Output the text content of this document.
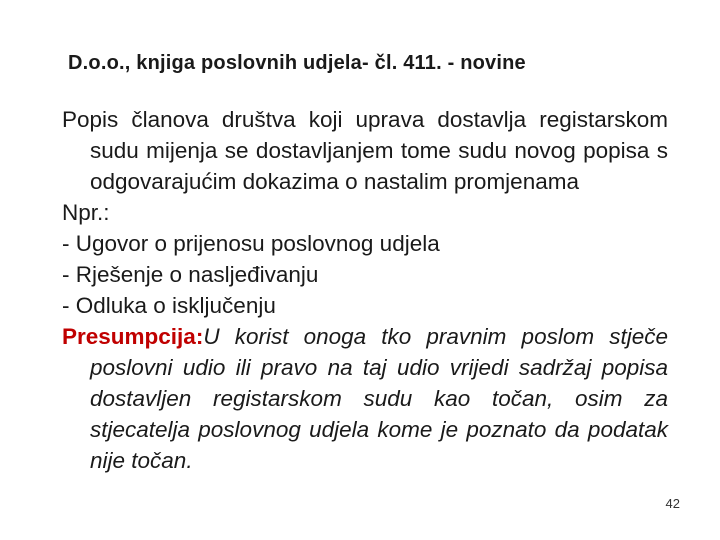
D.o.o., knjiga poslovnih udjela- čl. 411. - novine

Popis članova društva koji uprava dostavlja registarskom sudu mijenja se dostavljanjem tome sudu novog popisa s odgovarajućim dokazima o nastalim promjenama

Npr.:

- Ugovor o prijenosu poslovnog udjela

- Rješenje o nasljeđivanju

- Odluka o isključenju

Presumpcija:U korist onoga tko pravnim poslom stječe poslovni udio ili pravo na taj udio vrijedi sadržaj popisa dostavljen registarskom sudu kao točan, osim za stjecatelja poslovnog udjela kome je poznato da podatak nije točan.

42
